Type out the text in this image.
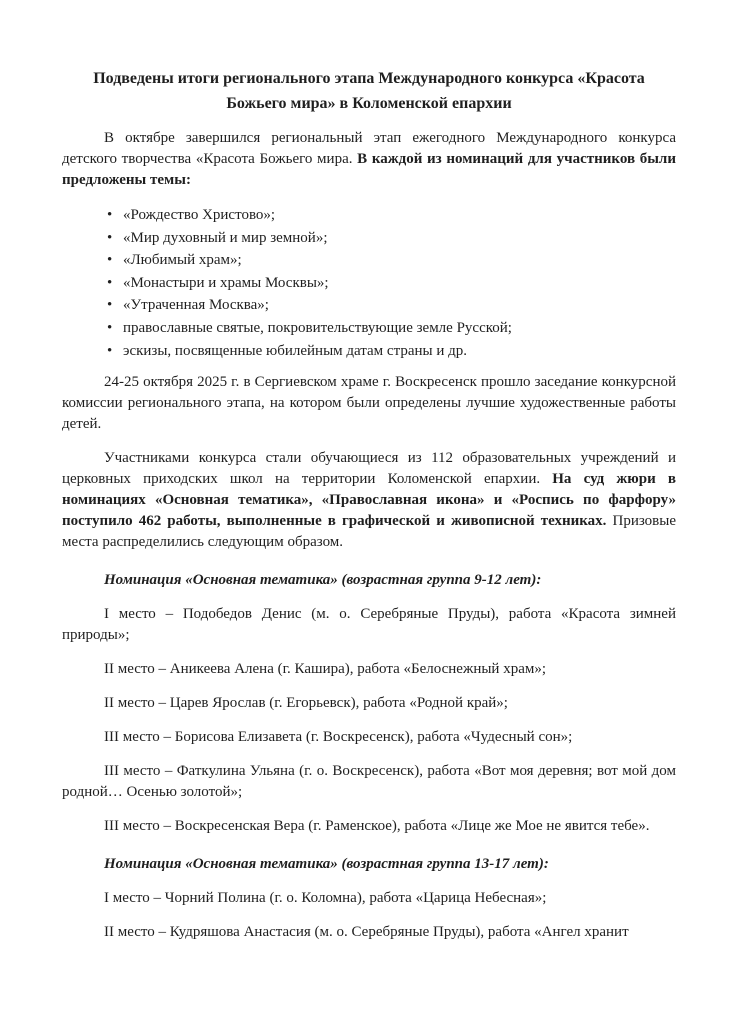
Подведены итоги регионального этапа Международного конкурса «Красота Божьего мира» в Коломенской епархии

В октябре завершился региональный этап ежегодного Международного конкурса детского творчества «Красота Божьего мира. В каждой из номинаций для участников были предложены темы:

• «Рождество Христово»;
• «Мир духовный и мир земной»;
• «Любимый храм»;
• «Монастыри и храмы Москвы»;
• «Утраченная Москва»;
• православные святые, покровительствующие земле Русской;
• эскизы, посвященные юбилейным датам страны и др.

24-25 октября 2025 г. в Сергиевском храме г. Воскресенск прошло заседание конкурсной комиссии регионального этапа, на котором были определены лучшие художественные работы детей.

Участниками конкурса стали обучающиеся из 112 образовательных учреждений и церковных приходских школ на территории Коломенской епархии. На суд жюри в номинациях «Основная тематика», «Православная икона» и «Роспись по фарфору» поступило 462 работы, выполненные в графической и живописной техниках. Призовые места распределились следующим образом.

Номинация «Основная тематика» (возрастная группа 9-12 лет):

I место – Подобедов Денис (м. о. Серебряные Пруды), работа «Красота зимней природы»;

II место – Аникеева Алена (г. Кашира), работа «Белоснежный храм»;

II место – Царев Ярослав (г. Егорьевск), работа «Родной край»;

III место – Борисова Елизавета (г. Воскресенск), работа «Чудесный сон»;

III место – Фаткулина Ульяна (г. о. Воскресенск), работа «Вот моя деревня; вот мой дом родной… Осенью золотой»;

III место – Воскресенская Вера (г. Раменское), работа «Лице же Мое не явится тебе».

Номинация «Основная тематика» (возрастная группа 13-17 лет):

I место – Чорний Полина (г. о. Коломна), работа «Царица Небесная»;

II место – Кудряшова Анастасия (м. о. Серебряные Пруды), работа «Ангел хранит
